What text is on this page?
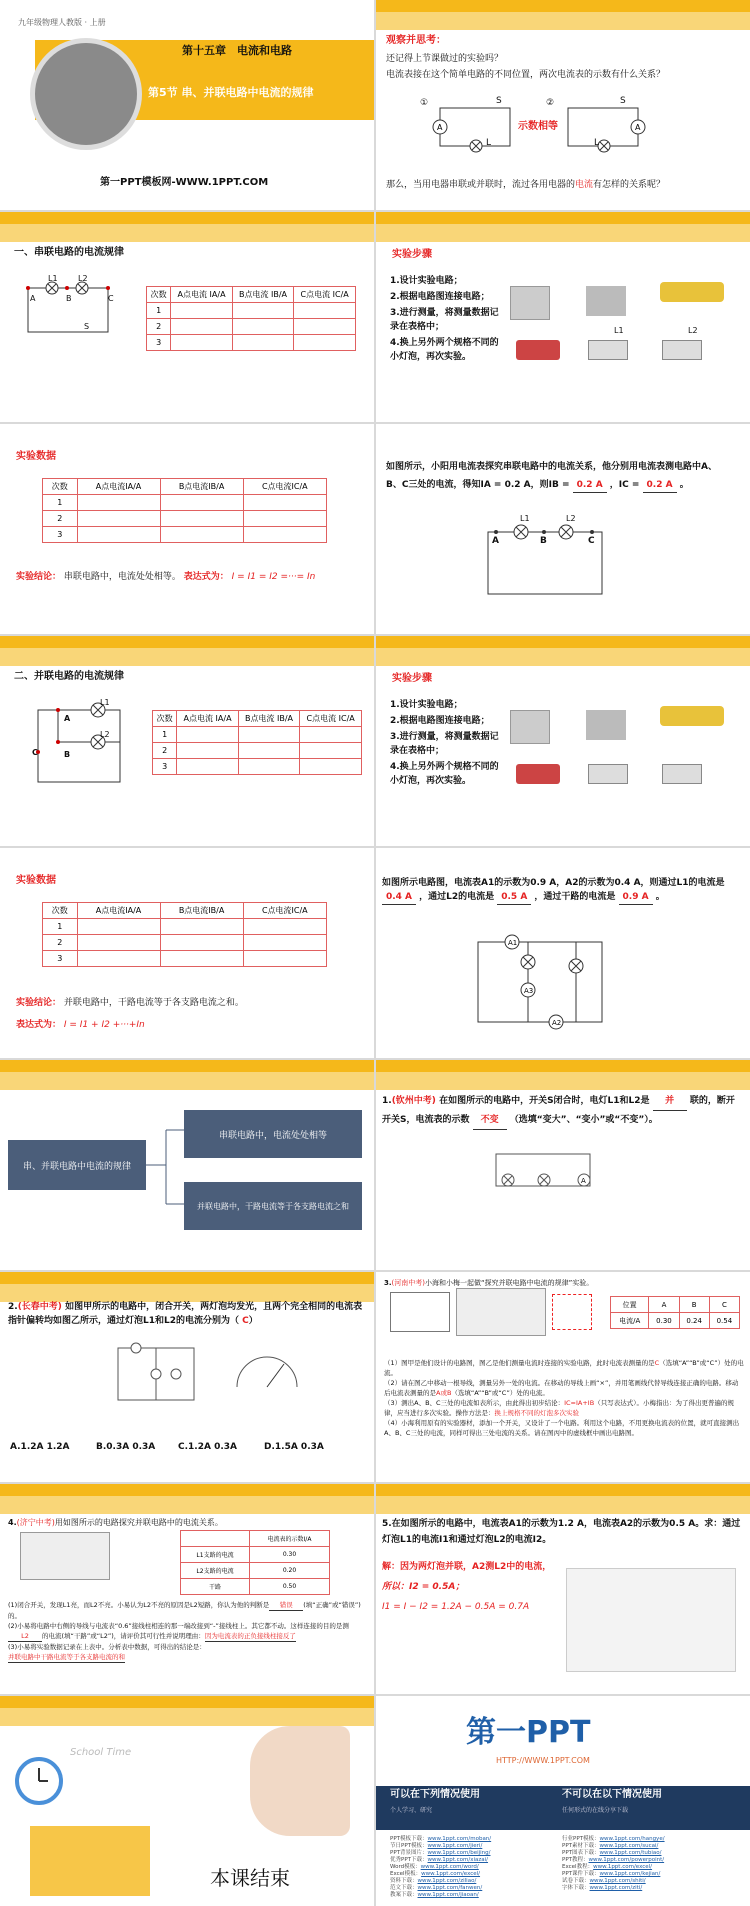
九年级物理人教版 · 上册
第十五章　电流和电路
第5节 串、并联电路中电流的规律
第一PPT模板网-WWW.1PPT.COM
观察并思考：
还记得上节课做过的实验吗？
电流表接在这个简单电路的不同位置，两次电流表的示数有什么关系？
①	②
A
S
L
示数相等	A
S
L
那么，当用电器串联或并联时，流过各用电器的电流有怎样的关系呢？
一、串联电路的电流规律
L1	L2
A	B	C
S
次数	A点电流 IA/A	B点电流 IB/A	C点电流 IC/A
1			
2			
3			
实验步骤
1.设计实验电路；
2.根据电路图连接电路；
3.进行测量，将测量数据记录在表格中；
4.换上另外两个规格不同的小灯泡，再次实验。
L1	L2
实验数据
次数	A点电流IA/A	B点电流IB/A	C点电流IC/A
1			
2			
3			
实验结论： 串联电路中，电流处处相等。 表达式为： I = I1 = I2 =···= In
如图所示，小阳用电流表探究串联电路中的电流关系，他分别用电流表测电路中A、
B、C三处的电流，得知IA = 0.2 A，则IB = 0.2 A ，IC = 0.2 A 。
A	B	C
L1	L2
二、并联电路的电流规律
A
B
C
L1
L2
次数	A点电流 IA/A	B点电流 IB/A	C点电流 IC/A
1			
2			
3			
实验步骤
1.设计实验电路；
2.根据电路图连接电路；
3.进行测量，将测量数据记录在表格中；
4.换上另外两个规格不同的小灯泡，再次实验。
实验数据
次数	A点电流IA/A	B点电流IB/A	C点电流IC/A
1			
2			
3			
实验结论： 并联电路中，干路电流等于各支路电流之和。
表达式为： I = I1 + I2 +···+In
如图所示电路图，电流表A1的示数为0.9 A，A2的示数为0.4 A，则通过L1的电流是
0.4 A ，通过L2的电流是 0.5 A ，通过干路的电流是 0.9 A 。
A1
A3
A2
串、并联电路中电流的规律
串联电路中，电流处处相等
并联电路中，干路电流等于各支路电流之和
1.(钦州中考) 在如图所示的电路中，开关S闭合时，电灯L1和L2是 并 联的，断开 开关S，电流表的示数 不变 （选填“变大”、“变小”或“不变”）。
A
2.(长春中考) 如图甲所示的电路中，闭合开关，两灯泡均发光，且两个完全相同的电流表指针偏转均如图乙所示，通过灯泡L1和L2的电流分别为（ C）
A.1.2A 1.2A	B.0.3A 0.3A	C.1.2A 0.3A	D.1.5A 0.3A
3.(河南中考)小海和小梅一起做“探究并联电路中电流的规律”实验。
位置	A	B	C
电流/A	0.30	0.24	0.54
（1）图甲是他们设计的电路图，图乙是他们测量电流时连接的实验电路，此时电流表测量的是C（选填“A”“B”或“C”）处的电流。
（2）请在图乙中移动一根导线，测量另外一处的电流。在移动的导线上画“×”，并用笔画线代替导线连接正确的电路。移动后电流表测量的是A或B（选填“A”“B”或“C”）处的电流。
（3）测出A、B、C三处的电流如表所示，由此得出初步结论：IC=IA+IB（只写表达式）。小梅指出：为了得出更普遍的规律，应当进行多次实验。操作方法是：换上规格不同的灯泡多次实验
（4）小海利用原有的实验器材，添加一个开关，又设计了一个电路。利用这个电路，不用更换电流表的位置，就可直接测出A、B、C三处的电流，同样可得出三处电流的关系。请在图丙中的虚线框中画出电路图。
4.(济宁中考)用如图所示的电路探究并联电路中的电流关系。
	电流表的示数I/A
L1支路的电流	0.30
L2支路的电流	0.20
干路	0.50
(1)闭合开关，发现L1亮，而L2不亮。小易认为L2不亮的原因是L2短路，你认为他的判断是 错误 (填“正确”或“错误”)的。
(2)小易将电路中右侧的导线与电流表“0.6”接线柱相连的那一端改接到“-”接线柱上。其它都不动。这样连接的目的是测L2 的电流(填“干路”或“L2”)，请评价其可行性并说明理由：因为电流表的正负接线柱接反了
(3)小易将实验数据记录在上表中。分析表中数据，可得出的结论是：
并联电路中干路电流等于各支路电流的和
5.在如图所示的电路中，电流表A1的示数为1.2 A，电流表A2的示数为0.5 A。求：通过灯泡L1的电流I1和通过灯泡L2的电流I2。
解：因为两灯泡并联，A2测L2中的电流，
所以：I2 = 0.5A；
I1 = I − I2 = 1.2A − 0.5A = 0.7A
School Time
本课结束
第一PPT
HTTP://WWW.1PPT.COM
可以在下列情况使用
个人学习、研究
不可以在以下情况使用
任何形式的在线分享下载
PPT模板下载：www.1ppt.com/moban/
节日PPT模板：www.1ppt.com/jieri/
PPT背景图片：www.1ppt.com/beijing/
优秀PPT下载：www.1ppt.com/xiazai/
Word模板：www.1ppt.com/word/
Excel模板：www.1ppt.com/excel/
资料下载：www.1ppt.com/ziliao/
范文下载：www.1ppt.com/fanwen/
教案下载：www.1ppt.com/jiaoan/
行业PPT模板：www.1ppt.com/hangye/
PPT素材下载：www.1ppt.com/sucai/
PPT图表下载：www.1ppt.com/tubiao/
PPT教程：www.1ppt.com/powerpoint/
Excel教程：www.1ppt.com/excel/
PPT课件下载：www.1ppt.com/kejian/
试卷下载：www.1ppt.com/shiti/
字体下载：www.1ppt.com/ziti/
